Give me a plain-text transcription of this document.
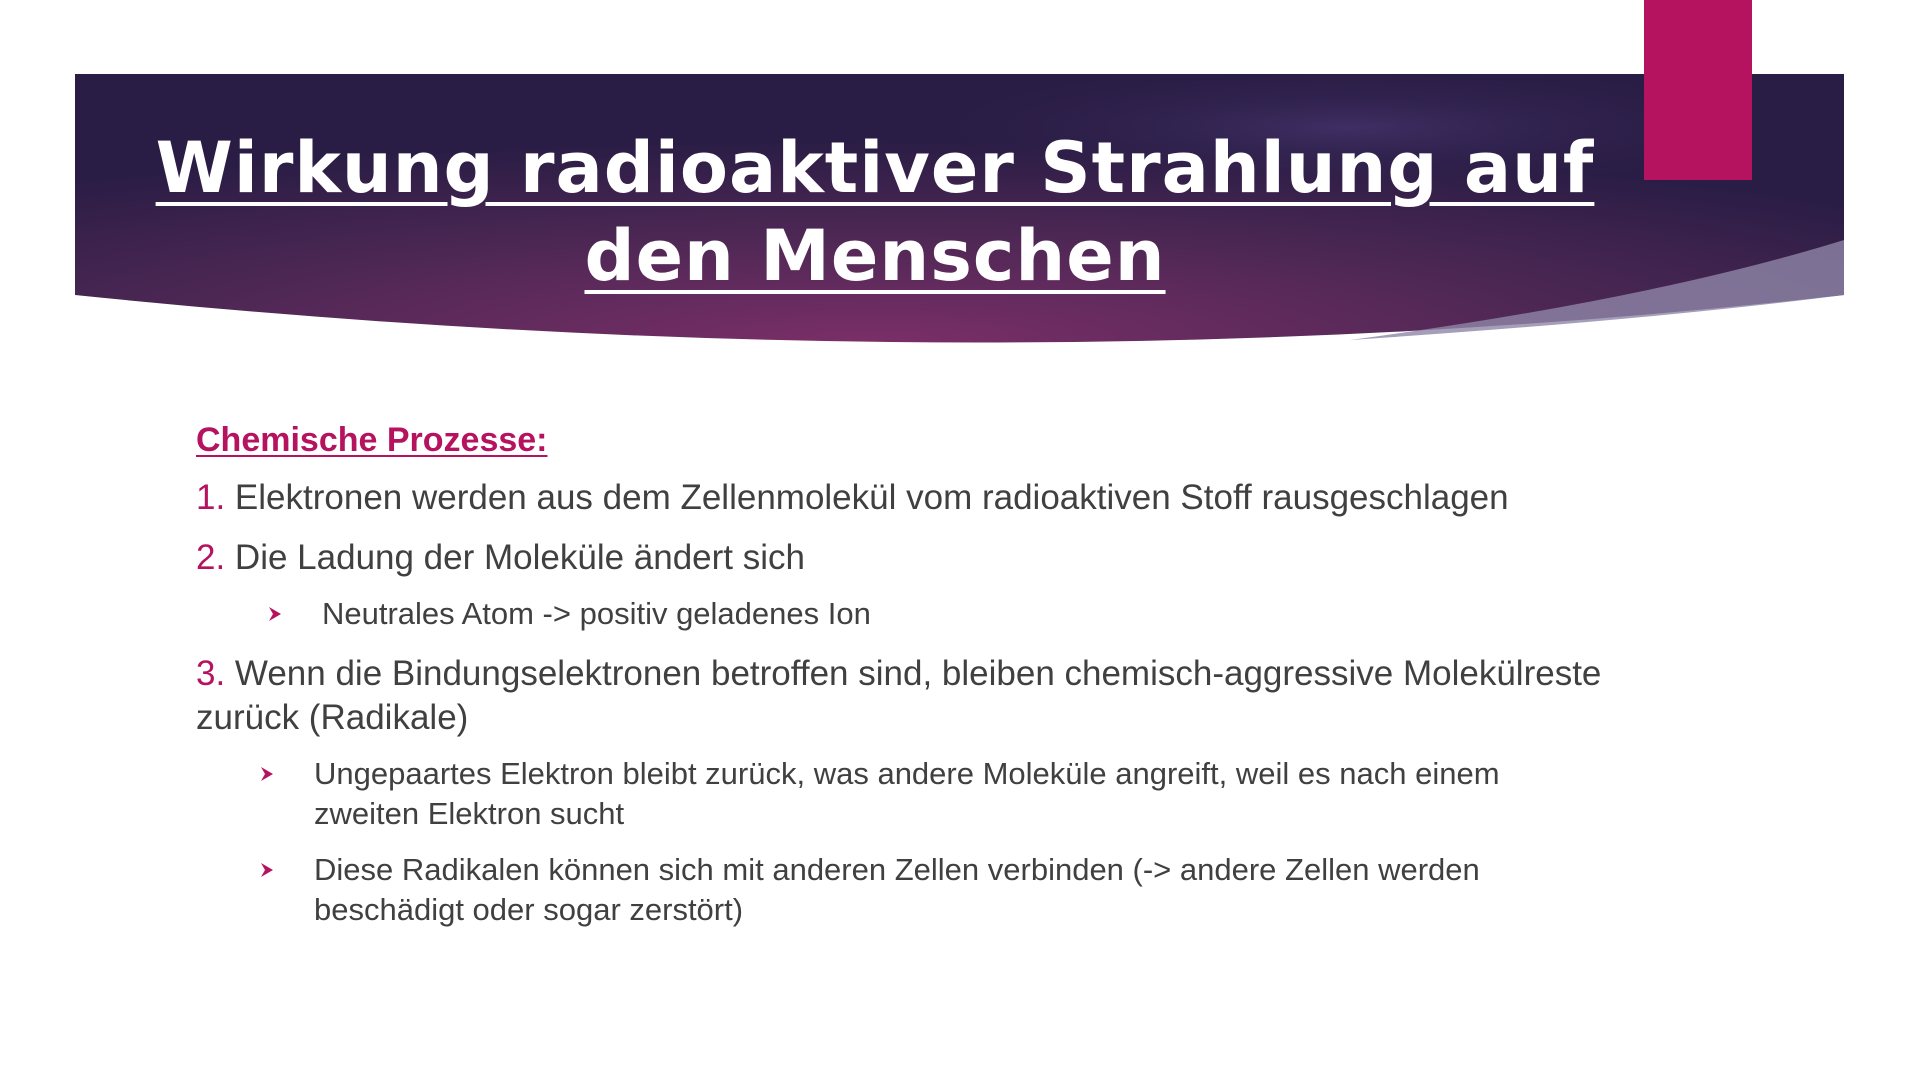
Wirkung radioaktiver Strahlung auf
den Menschen

Chemische Prozesse:

1. Elektronen werden aus dem Zellenmolekül vom radioaktiven Stoff rausgeschlagen

2. Die Ladung der Moleküle ändert sich

Neutrales Atom -> positiv geladenes Ion

3. Wenn die Bindungselektronen betroffen sind, bleiben chemisch-aggressive Molekülreste zurück (Radikale)

Ungepaartes Elektron bleibt zurück, was andere Moleküle angreift, weil es nach einem zweiten Elektron sucht
Diese Radikalen können sich mit anderen Zellen verbinden (-> andere Zellen werden beschädigt oder sogar zerstört)
